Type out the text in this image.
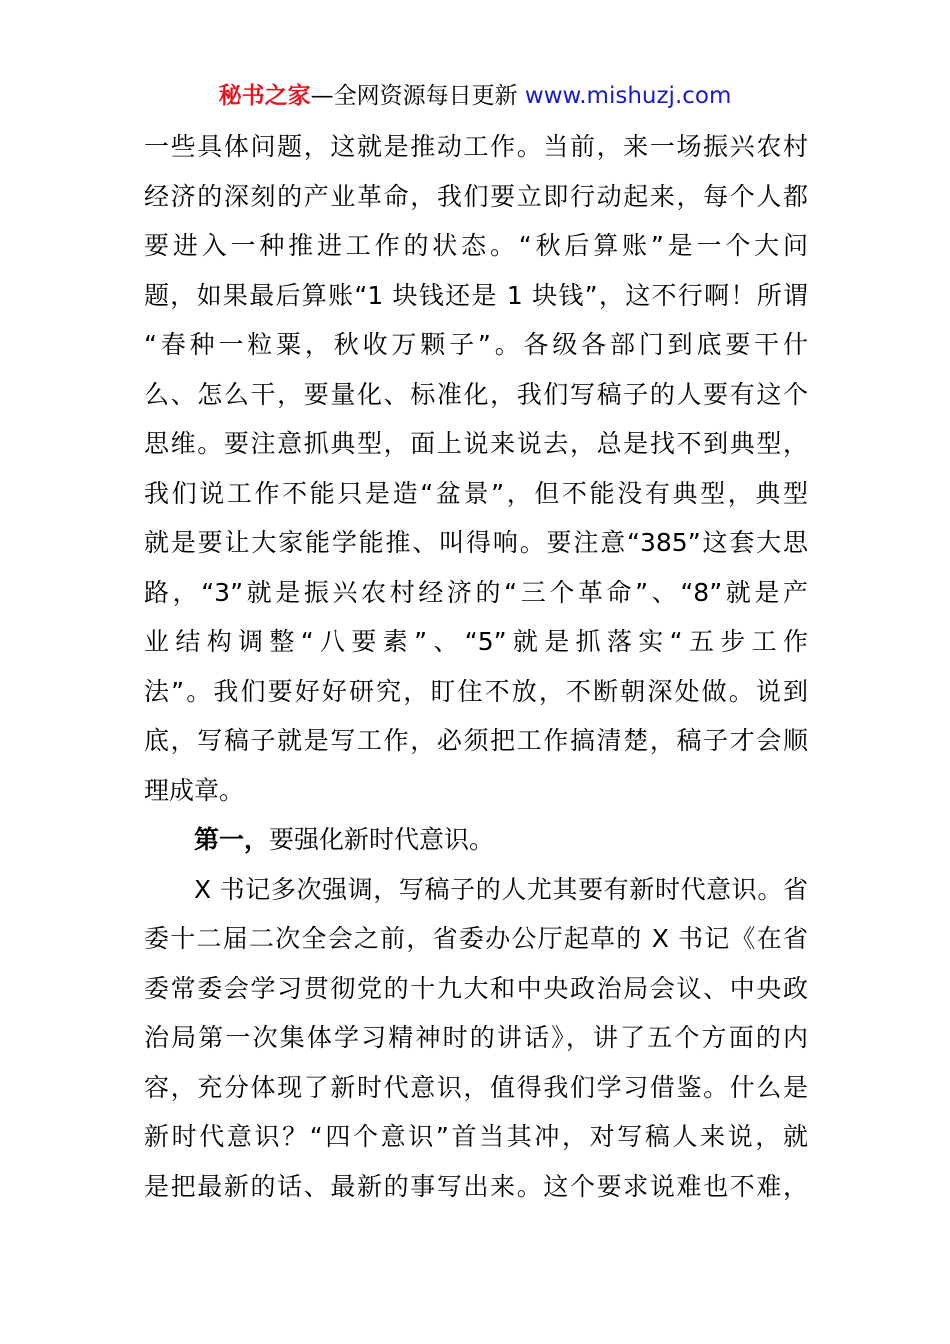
秘书之家—全网资源每日更新 www.mishuzj.com
一些具体问题，这就是推动工作。当前，来一场振兴农村
经济的深刻的产业革命，我们要立即行动起来，每个人都
要进入一种推进工作的状态。“秋后算账”是一个大问
题，如果最后算账“1 块钱还是 1 块钱”，这不行啊！所谓
“春种一粒粟，秋收万颗子”。各级各部门到底要干什
么、怎么干，要量化、标准化，我们写稿子的人要有这个
思维。要注意抓典型，面上说来说去，总是找不到典型，
我们说工作不能只是造“盆景”，但不能没有典型，典型
就是要让大家能学能推、叫得响。要注意“385”这套大思
路，“3”就是振兴农村经济的“三个革命”、“8”就是产
业结构调整“八要素”、“5”就是抓落实“五步工作
法”。我们要好好研究，盯住不放，不断朝深处做。说到
底，写稿子就是写工作，必须把工作搞清楚，稿子才会顺
理成章。
第一，要强化新时代意识。
X 书记多次强调，写稿子的人尤其要有新时代意识。省
委十二届二次全会之前，省委办公厅起草的 X 书记《在省
委常委会学习贯彻党的十九大和中央政治局会议、中央政
治局第一次集体学习精神时的讲话》，讲了五个方面的内
容，充分体现了新时代意识，值得我们学习借鉴。什么是
新时代意识？“四个意识”首当其冲，对写稿人来说，就
是把最新的话、最新的事写出来。这个要求说难也不难，
